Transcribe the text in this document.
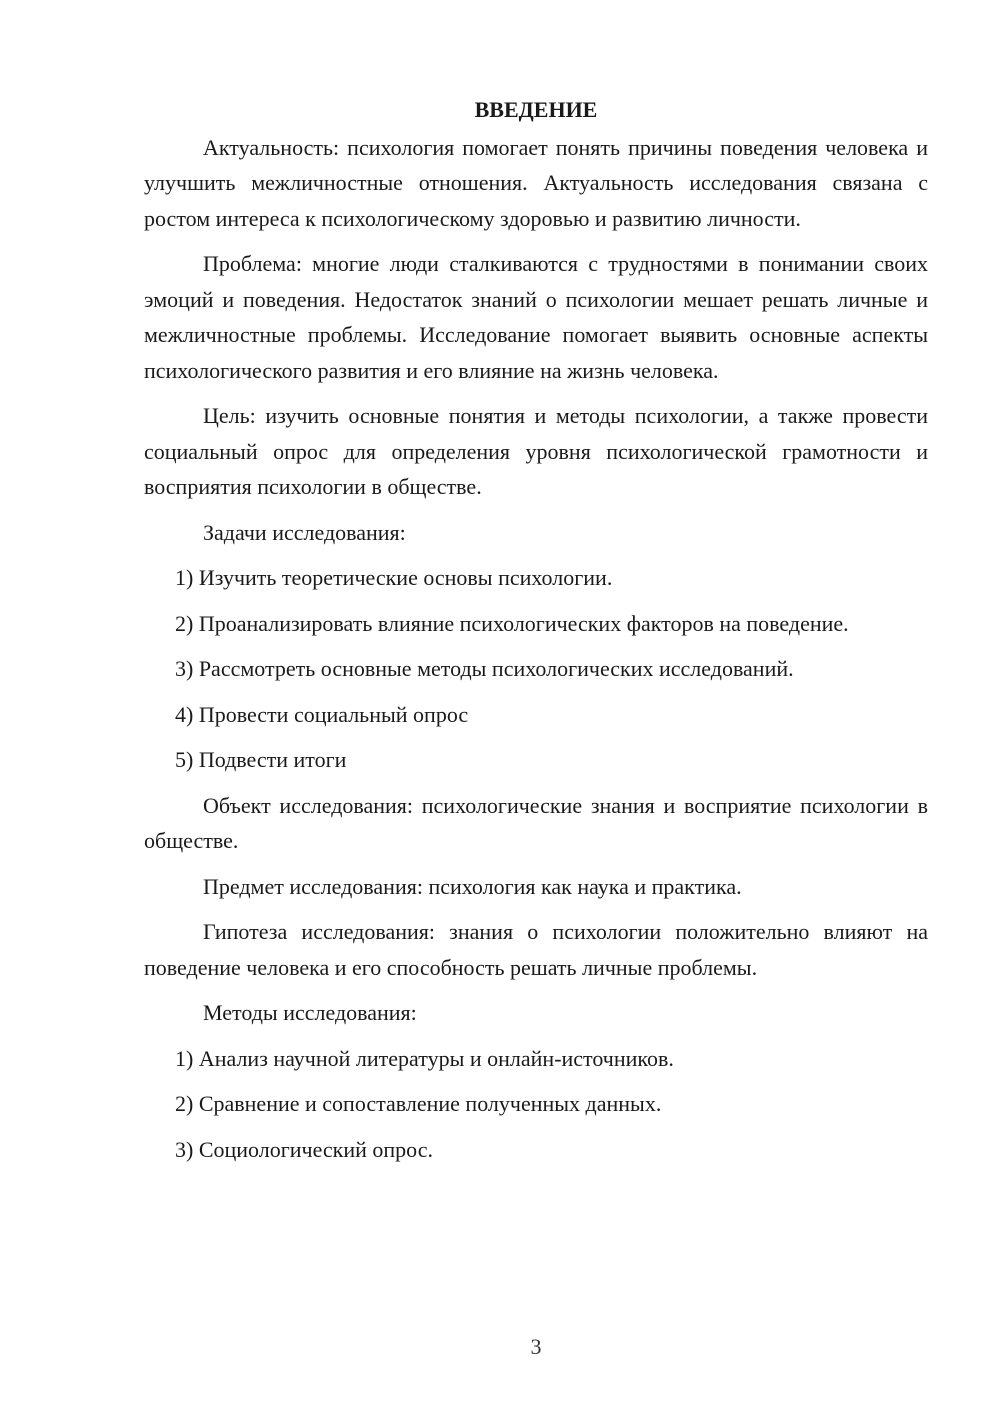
ВВЕДЕНИЕ

Актуальность: психология помогает понять причины поведения человека и улучшить межличностные отношения. Актуальность исследования связана с ростом интереса к психологическому здоровью и развитию личности.

Проблема: многие люди сталкиваются с трудностями в понимании своих эмоций и поведения. Недостаток знаний о психологии мешает решать личные и межличностные проблемы. Исследование помогает выявить основные аспекты психологического развития и его влияние на жизнь человека.

Цель: изучить основные понятия и методы психологии, а также провести социальный опрос для определения уровня психологической грамотности и восприятия психологии в обществе.

Задачи исследования:

1) Изучить теоретические основы психологии.

2) Проанализировать влияние психологических факторов на поведение.

3) Рассмотреть основные методы психологических исследований.

4) Провести социальный опрос

5) Подвести итоги

Объект исследования: психологические знания и восприятие психологии в обществе.

Предмет исследования: психология как наука и практика.

Гипотеза исследования: знания о психологии положительно влияют на поведение человека и его способность решать личные проблемы.

Методы исследования:

1) Анализ научной литературы и онлайн-источников.

2) Сравнение и сопоставление полученных данных.

3) Социологический опрос.

3
